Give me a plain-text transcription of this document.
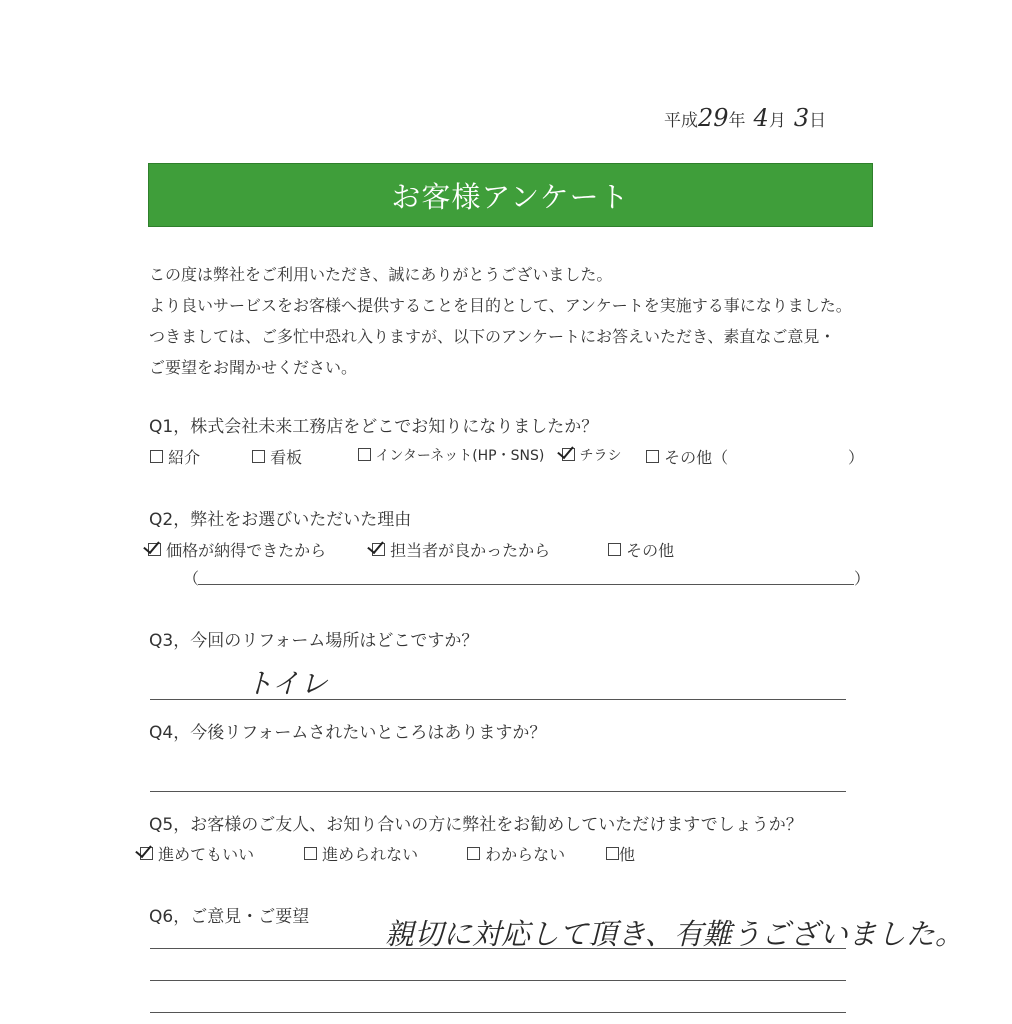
平成29年 4月 3日
お客様アンケート
この度は弊社をご利用いただき、誠にありがとうございました。
より良いサービスをお客様へ提供することを目的として、アンケートを実施する事になりました。
つきましては、ご多忙中恐れ入りますが、以下のアンケートにお答えいただき、素直なご意見・
ご要望をお聞かせください。
Q1，株式会社未来工務店をどこでお知りになりましたか？
紹介	看板	インターネット(HP・SNS)	チラシ	その他（	）
Q2，弊社をお選びいただいた理由
価格が納得できたから	担当者が良かったから	その他
（	）
Q3，今回のリフォーム場所はどこですか？
トイレ
Q4，今後リフォームされたいところはありますか？
Q5，お客様のご友人、お知り合いの方に弊社をお勧めしていただけますでしょうか？
進めてもいい	進められない	わからない	他
Q6，ご意見・ご要望	親切に対応して頂き、有難うございました。
